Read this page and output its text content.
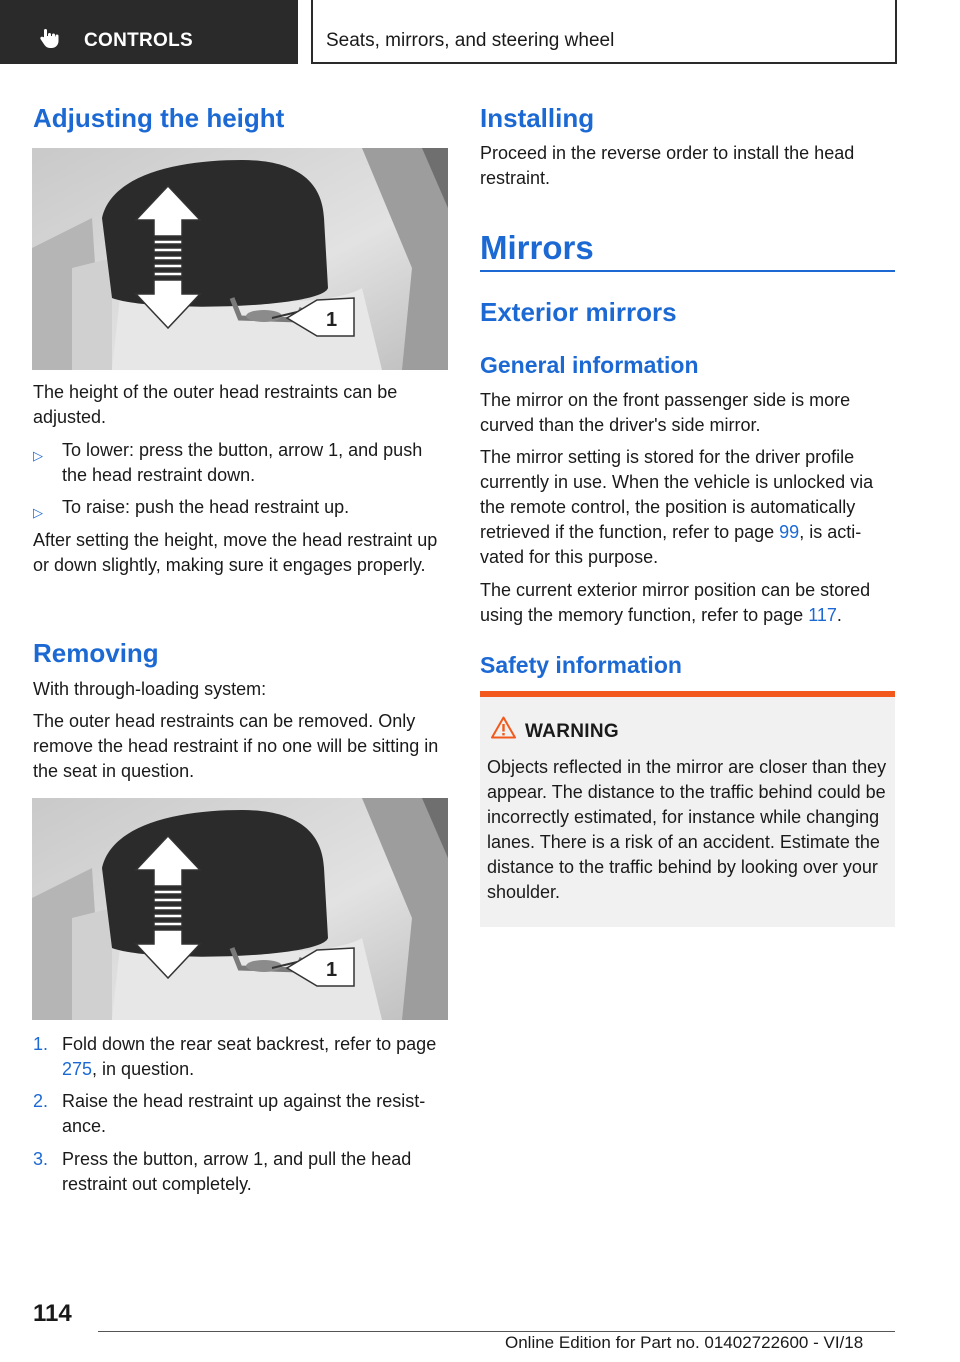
CONTROLS	Seats, mirrors, and steering wheel
Adjusting the height
1

The height of the outer head restraints can be adjusted.

▷ To lower: press the button, arrow 1, and push the head restraint down.
▷ To raise: push the head restraint up.

After setting the height, move the head restraint up or down slightly, making sure it engages properly.

Removing

With through-loading system:

The outer head restraints can be removed. Only remove the head restraint if no one will be sitting in the seat in question.

1
1. Fold down the rear seat backrest, refer to page 275, in question.
2. Raise the head restraint up against the resistance.
3. Press the button, arrow 1, and pull the head restraint out completely.
Installing

Proceed in the reverse order to install the head restraint.

Mirrors
Exterior mirrors
General information

The mirror on the front passenger side is more curved than the driver's side mirror.

The mirror setting is stored for the driver profile currently in use. When the vehicle is unlocked via the remote control, the position is automatically retrieved if the function, refer to page 99, is activated for this purpose.

The current exterior mirror position can be stored using the memory function, refer to page 117.

Safety information
WARNING
Objects reflected in the mirror are closer than they appear. The distance to the traffic behind could be incorrectly estimated, for instance while changing lanes. There is a risk of an accident. Estimate the distance to the traffic behind by looking over your shoulder.
114
Online Edition for Part no. 01402722600 - VI/18
